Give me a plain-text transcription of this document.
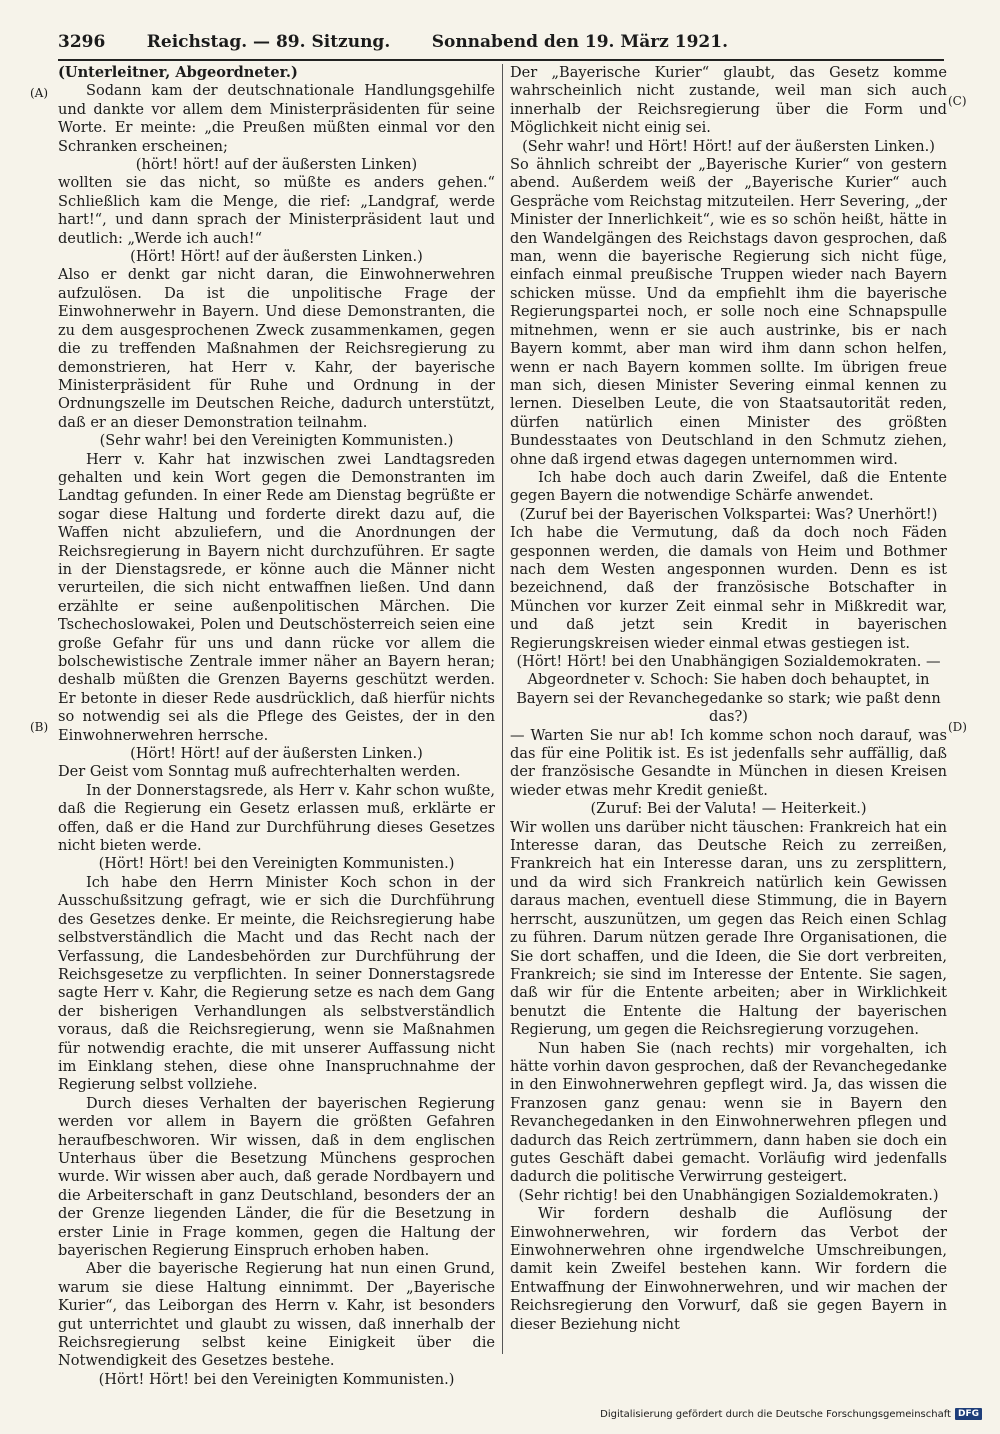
3296 Reichstag. — 89. Sitzung. Sonnabend den 19. März 1921.
(A)
(B)
(C)
(D)

(Unterleitner, Abgeordneter.)

Sodann kam der deutschnationale Handlungsgehilfe und dankte vor allem dem Ministerpräsidenten für seine Worte. Er meinte: „die Preußen müßten einmal vor den Schranken erscheinen;

(hört! hört! auf der äußersten Linken)

wollten sie das nicht, so müßte es anders gehen.“ Schließlich kam die Menge, die rief: „Landgraf, werde hart!“, und dann sprach der Ministerpräsident laut und deutlich: „Werde ich auch!“

(Hört! Hört! auf der äußersten Linken.)

Also er denkt gar nicht daran, die Einwohnerwehren aufzulösen. Da ist die unpolitische Frage der Einwohnerwehr in Bayern. Und diese Demonstranten, die zu dem ausgesprochenen Zweck zusammenkamen, gegen die zu treffenden Maßnahmen der Reichsregierung zu demonstrieren, hat Herr v. Kahr, der bayerische Ministerpräsident für Ruhe und Ordnung in der Ordnungszelle im Deutschen Reiche, dadurch unterstützt, daß er an dieser Demonstration teilnahm.

(Sehr wahr! bei den Vereinigten Kommunisten.)

Herr v. Kahr hat inzwischen zwei Landtagsreden gehalten und kein Wort gegen die Demonstranten im Landtag gefunden. In einer Rede am Dienstag begrüßte er sogar diese Haltung und forderte direkt dazu auf, die Waffen nicht abzuliefern, und die Anordnungen der Reichsregierung in Bayern nicht durchzuführen. Er sagte in der Dienstagsrede, er könne auch die Männer nicht verurteilen, die sich nicht entwaffnen ließen. Und dann erzählte er seine außenpolitischen Märchen. Die Tschechoslowakei, Polen und Deutschösterreich seien eine große Gefahr für uns und dann rücke vor allem die bolschewistische Zentrale immer näher an Bayern heran; deshalb müßten die Grenzen Bayerns geschützt werden. Er betonte in dieser Rede ausdrücklich, daß hierfür nichts so notwendig sei als die Pflege des Geistes, der in den Einwohnerwehren herrsche.

(Hört! Hört! auf der äußersten Linken.)

Der Geist vom Sonntag muß aufrechterhalten werden.

In der Donnerstagsrede, als Herr v. Kahr schon wußte, daß die Regierung ein Gesetz erlassen muß, erklärte er offen, daß er die Hand zur Durchführung dieses Gesetzes nicht bieten werde.

(Hört! Hört! bei den Vereinigten Kommunisten.)

Ich habe den Herrn Minister Koch schon in der Ausschußsitzung gefragt, wie er sich die Durchführung des Gesetzes denke. Er meinte, die Reichsregierung habe selbstverständlich die Macht und das Recht nach der Verfassung, die Landesbehörden zur Durchführung der Reichsgesetze zu verpflichten. In seiner Donnerstagsrede sagte Herr v. Kahr, die Regierung setze es nach dem Gang der bisherigen Verhandlungen als selbstverständlich voraus, daß die Reichsregierung, wenn sie Maßnahmen für notwendig erachte, die mit unserer Auffassung nicht im Einklang stehen, diese ohne Inanspruchnahme der Regierung selbst vollziehe.

Durch dieses Verhalten der bayerischen Regierung werden vor allem in Bayern die größten Gefahren heraufbeschworen. Wir wissen, daß in dem englischen Unterhaus über die Besetzung Münchens gesprochen wurde. Wir wissen aber auch, daß gerade Nordbayern und die Arbeiterschaft in ganz Deutschland, besonders der an der Grenze liegenden Länder, die für die Besetzung in erster Linie in Frage kommen, gegen die Haltung der bayerischen Regierung Einspruch erhoben haben.

Aber die bayerische Regierung hat nun einen Grund, warum sie diese Haltung einnimmt. Der „Bayerische Kurier“, das Leiborgan des Herrn v. Kahr, ist besonders gut unterrichtet und glaubt zu wissen, daß innerhalb der Reichsregierung selbst keine Einigkeit über die Notwendigkeit des Gesetzes bestehe.

(Hört! Hört! bei den Vereinigten Kommunisten.)

Der „Bayerische Kurier“ glaubt, das Gesetz komme wahrscheinlich nicht zustande, weil man sich auch innerhalb der Reichsregierung über die Form und Möglichkeit nicht einig sei.

(Sehr wahr! und Hört! Hört! auf der äußersten Linken.)

So ähnlich schreibt der „Bayerische Kurier“ von gestern abend. Außerdem weiß der „Bayerische Kurier“ auch Gespräche vom Reichstag mitzuteilen. Herr Severing, „der Minister der Innerlichkeit“, wie es so schön heißt, hätte in den Wandelgängen des Reichstags davon gesprochen, daß man, wenn die bayerische Regierung sich nicht füge, einfach einmal preußische Truppen wieder nach Bayern schicken müsse. Und da empfiehlt ihm die bayerische Regierungspartei noch, er solle noch eine Schnapspulle mitnehmen, wenn er sie auch austrinke, bis er nach Bayern kommt, aber man wird ihm dann schon helfen, wenn er nach Bayern kommen sollte. Im übrigen freue man sich, diesen Minister Severing einmal kennen zu lernen. Dieselben Leute, die von Staatsautorität reden, dürfen natürlich einen Minister des größten Bundesstaates von Deutschland in den Schmutz ziehen, ohne daß irgend etwas dagegen unternommen wird.

Ich habe doch auch darin Zweifel, daß die Entente gegen Bayern die notwendige Schärfe anwendet.

(Zuruf bei der Bayerischen Volkspartei: Was? Unerhört!)

Ich habe die Vermutung, daß da doch noch Fäden gesponnen werden, die damals von Heim und Bothmer nach dem Westen angesponnen wurden. Denn es ist bezeichnend, daß der französische Botschafter in München vor kurzer Zeit einmal sehr in Mißkredit war, und daß jetzt sein Kredit in bayerischen Regierungskreisen wieder einmal etwas gestiegen ist.

(Hört! Hört! bei den Unabhängigen Sozialdemokraten. — Abgeordneter v. Schoch: Sie haben doch behauptet, in Bayern sei der Revanchegedanke so stark; wie paßt denn das?)

— Warten Sie nur ab! Ich komme schon noch darauf, was das für eine Politik ist. Es ist jedenfalls sehr auffällig, daß der französische Gesandte in München in diesen Kreisen wieder etwas mehr Kredit genießt.

(Zuruf: Bei der Valuta! — Heiterkeit.)

Wir wollen uns darüber nicht täuschen: Frankreich hat ein Interesse daran, das Deutsche Reich zu zerreißen, Frankreich hat ein Interesse daran, uns zu zersplittern, und da wird sich Frankreich natürlich kein Gewissen daraus machen, eventuell diese Stimmung, die in Bayern herrscht, auszunützen, um gegen das Reich einen Schlag zu führen. Darum nützen gerade Ihre Organisationen, die Sie dort schaffen, und die Ideen, die Sie dort verbreiten, Frankreich; sie sind im Interesse der Entente. Sie sagen, daß wir für die Entente arbeiten; aber in Wirklichkeit benutzt die Entente die Haltung der bayerischen Regierung, um gegen die Reichsregierung vorzugehen.

Nun haben Sie (nach rechts) mir vorgehalten, ich hätte vorhin davon gesprochen, daß der Revanchegedanke in den Einwohnerwehren gepflegt wird. Ja, das wissen die Franzosen ganz genau: wenn sie in Bayern den Revanchegedanken in den Einwohnerwehren pflegen und dadurch das Reich zertrümmern, dann haben sie doch ein gutes Geschäft dabei gemacht. Vorläufig wird jedenfalls dadurch die politische Verwirrung gesteigert.

(Sehr richtig! bei den Unabhängigen Sozialdemokraten.)

Wir fordern deshalb die Auflösung der Einwohnerwehren, wir fordern das Verbot der Einwohnerwehren ohne irgendwelche Umschreibungen, damit kein Zweifel bestehen kann. Wir fordern die Entwaffnung der Einwohnerwehren, und wir machen der Reichsregierung den Vorwurf, daß sie gegen Bayern in dieser Beziehung nicht

Digitalisierung gefördert durch die Deutsche Forschungsgemeinschaft DFG
